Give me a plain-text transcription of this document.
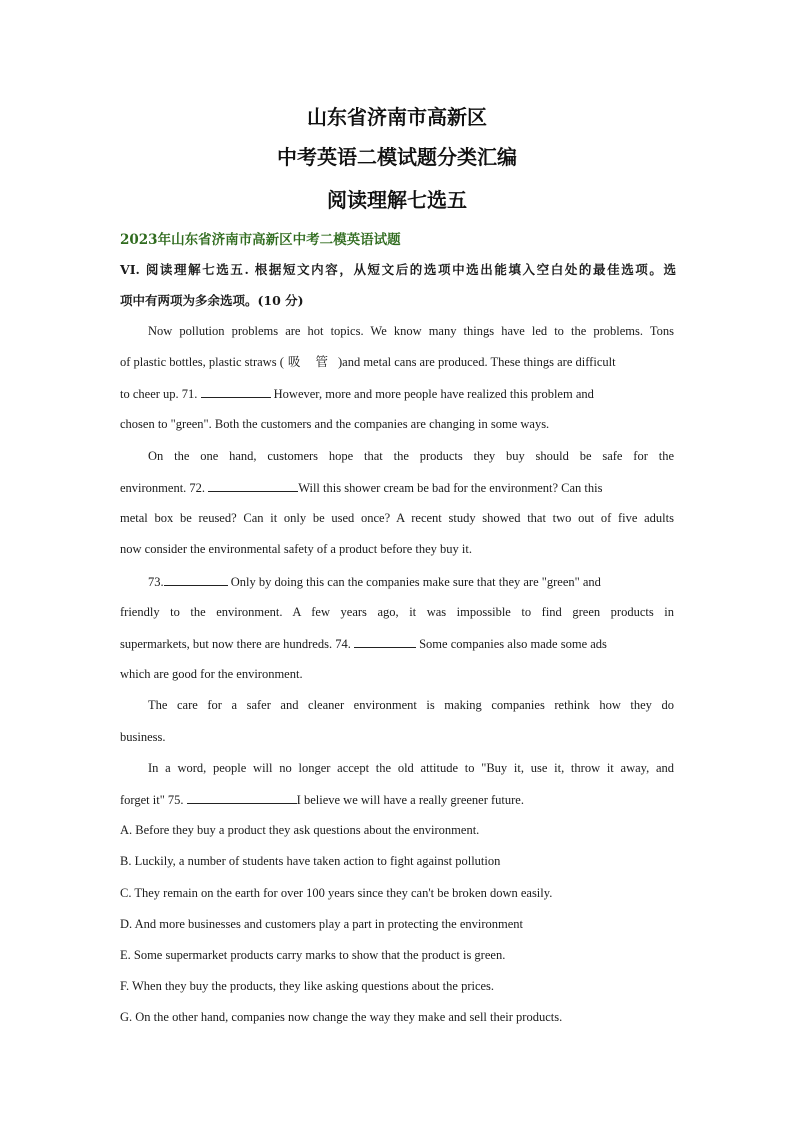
山东省济南市高新区
中考英语二模试题分类汇编
阅读理解七选五
2023年山东省济南市高新区中考二模英语试题
VI. 阅读理解七选五. 根据短文内容，从短文后的选项中选出能填入空白处的最佳选项。选
项中有两项为多余选项。(10 分)
Now pollution problems are hot topics. We know many things have led to the problems. Tons
of plastic bottles, plastic straws ( 吸 管 )and metal cans are produced. These things are difficult
to cheer up. 71.	However, more and more people have realized this problem and
chosen to "green". Both the customers and the companies are changing in some ways.
On the one hand, customers hope that the products they buy should be safe for the
environment. 72.	Will this shower cream be bad for the environment? Can this
metal box be reused? Can it only be used once? A recent study showed that two out of five adults
now consider the environmental safety of a product before they buy it.
73.	Only by doing this can the companies make sure that they are "green" and
friendly to the environment. A few years ago, it was impossible to find green products in
supermarkets, but now there are hundreds. 74.	Some companies also made some ads
which are good for the environment.
The care for a safer and cleaner environment is making companies rethink how they do
business.
In a word, people will no longer accept the old attitude to "Buy it, use it, throw it away, and
forget it" 75.	I believe we will have a really greener future.
A. Before they buy a product they ask questions about the environment.
B. Luckily, a number of students have taken action to fight against pollution
C. They remain on the earth for over 100 years since they can't be broken down easily.
D. And more businesses and customers play a part in protecting the environment
E. Some supermarket products carry marks to show that the product is green.
F. When they buy the products, they like asking questions about the prices.
G. On the other hand, companies now change the way they make and sell their products.
